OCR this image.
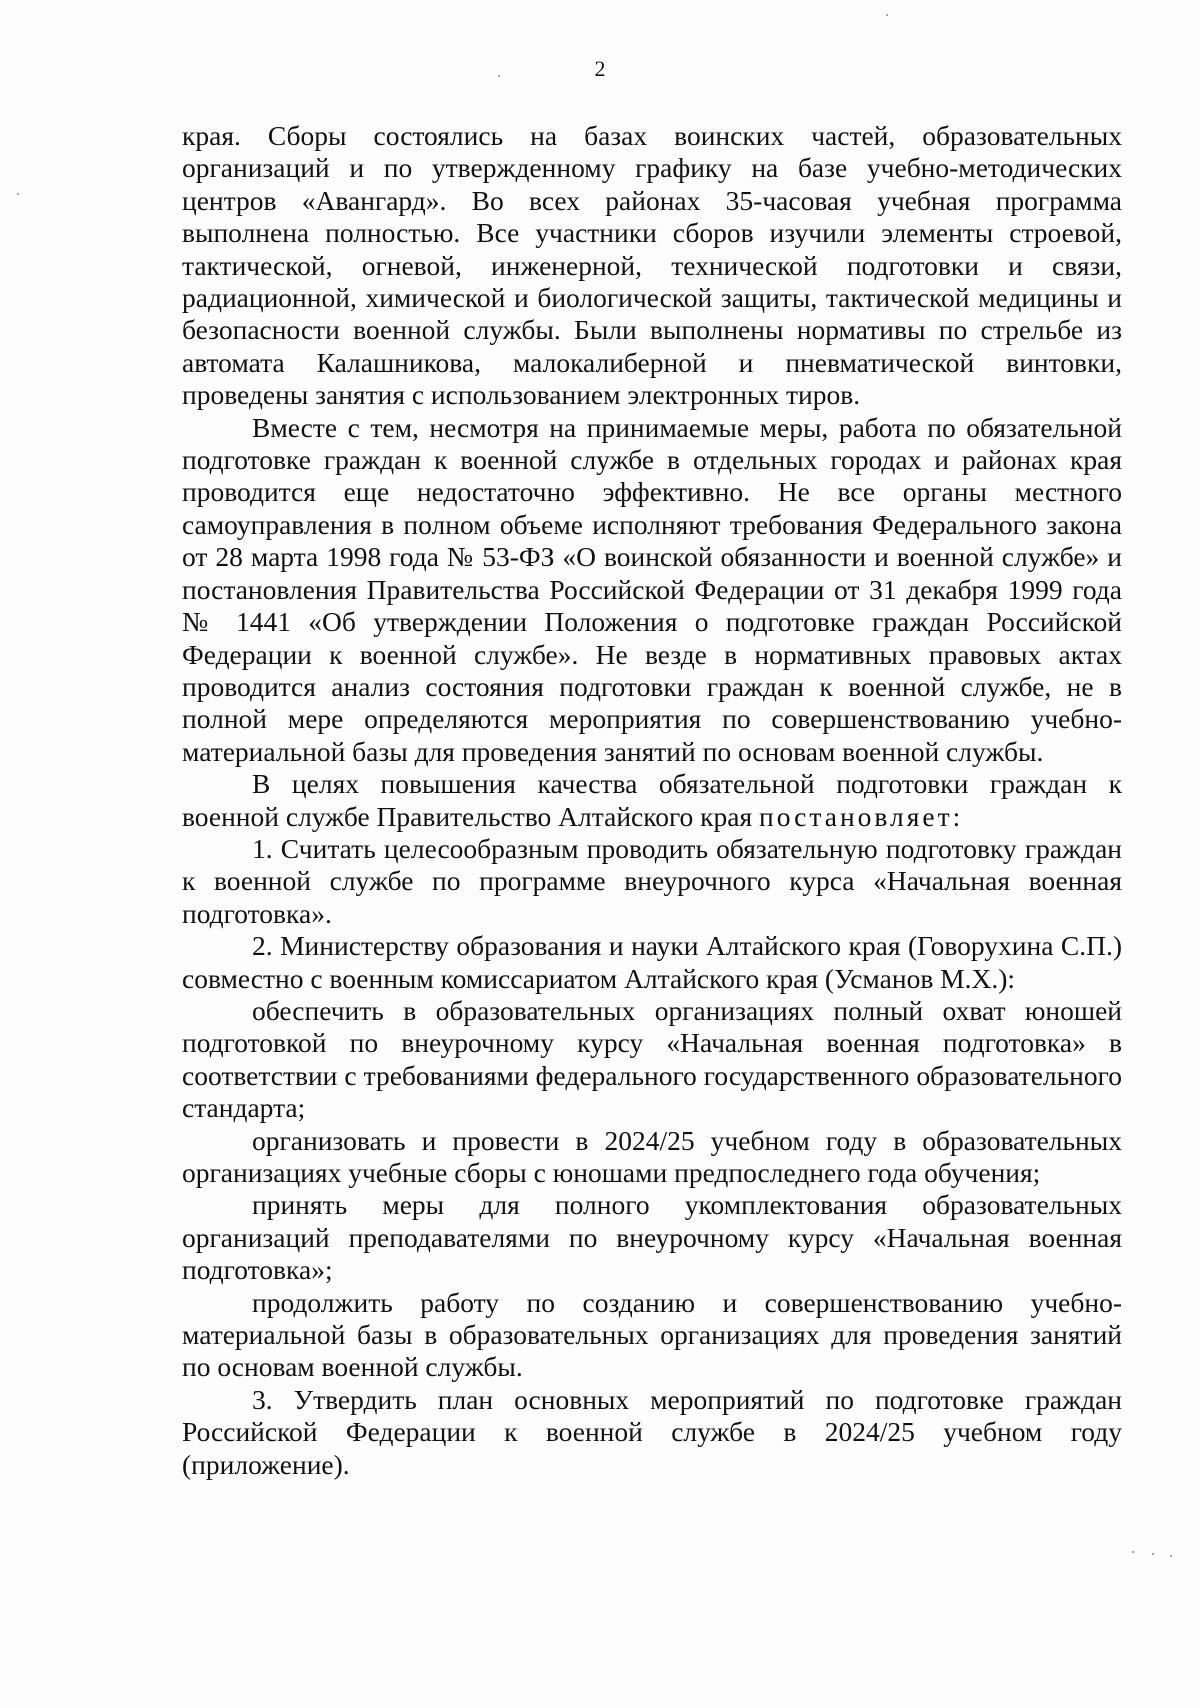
2

края. Сборы состоялись на базах воинских частей, образовательных организаций и по утвержденному графику на базе учебно-методических центров «Авангард». Во всех районах 35-часовая учебная программа выполнена полностью. Все участники сборов изучили элементы строевой, тактической, огневой, инженерной, технической подготовки и связи, радиационной, химической и биологической защиты, тактической медицины и безопасности военной службы. Были выполнены нормативы по стрельбе из автомата Калашникова, малокалиберной и пневматической винтовки, проведены занятия с использованием электронных тиров.

Вместе с тем, несмотря на принимаемые меры, работа по обязательной подготовке граждан к военной службе в отдельных городах и районах края проводится еще недостаточно эффективно. Не все органы местного самоуправления в полном объеме исполняют требования Федерального закона от 28 марта 1998 года № 53-ФЗ «О воинской обязанности и военной службе» и постановления Правительства Российской Федерации от 31 декабря 1999 года № 1441 «Об утверждении Положения о подготовке граждан Российской Федерации к военной службе». Не везде в нормативных правовых актах проводится анализ состояния подготовки граждан к военной службе, не в полной мере определяются мероприятия по совершенствованию учебно-материальной базы для проведения занятий по основам военной службы.

В целях повышения качества обязательной подготовки граждан к военной службе Правительство Алтайского края постановляет:

1. Считать целесообразным проводить обязательную подготовку граждан к военной службе по программе внеурочного курса «Начальная военная подготовка».

2. Министерству образования и науки Алтайского края (Говорухина С.П.) совместно с военным комиссариатом Алтайского края (Усманов М.Х.):

обеспечить в образовательных организациях полный охват юношей подготовкой по внеурочному курсу «Начальная военная подготовка» в соответствии с требованиями федерального государственного образовательного стандарта;

организовать и провести в 2024/25 учебном году в образовательных организациях учебные сборы с юношами предпоследнего года обучения;

принять меры для полного укомплектования образовательных организаций преподавателями по внеурочному курсу «Начальная военная подготовка»;

продолжить работу по созданию и совершенствованию учебно-материальной базы в образовательных организациях для проведения занятий по основам военной службы.

3. Утвердить план основных мероприятий по подготовке граждан Российской Федерации к военной службе в 2024/25 учебном году (приложение).
